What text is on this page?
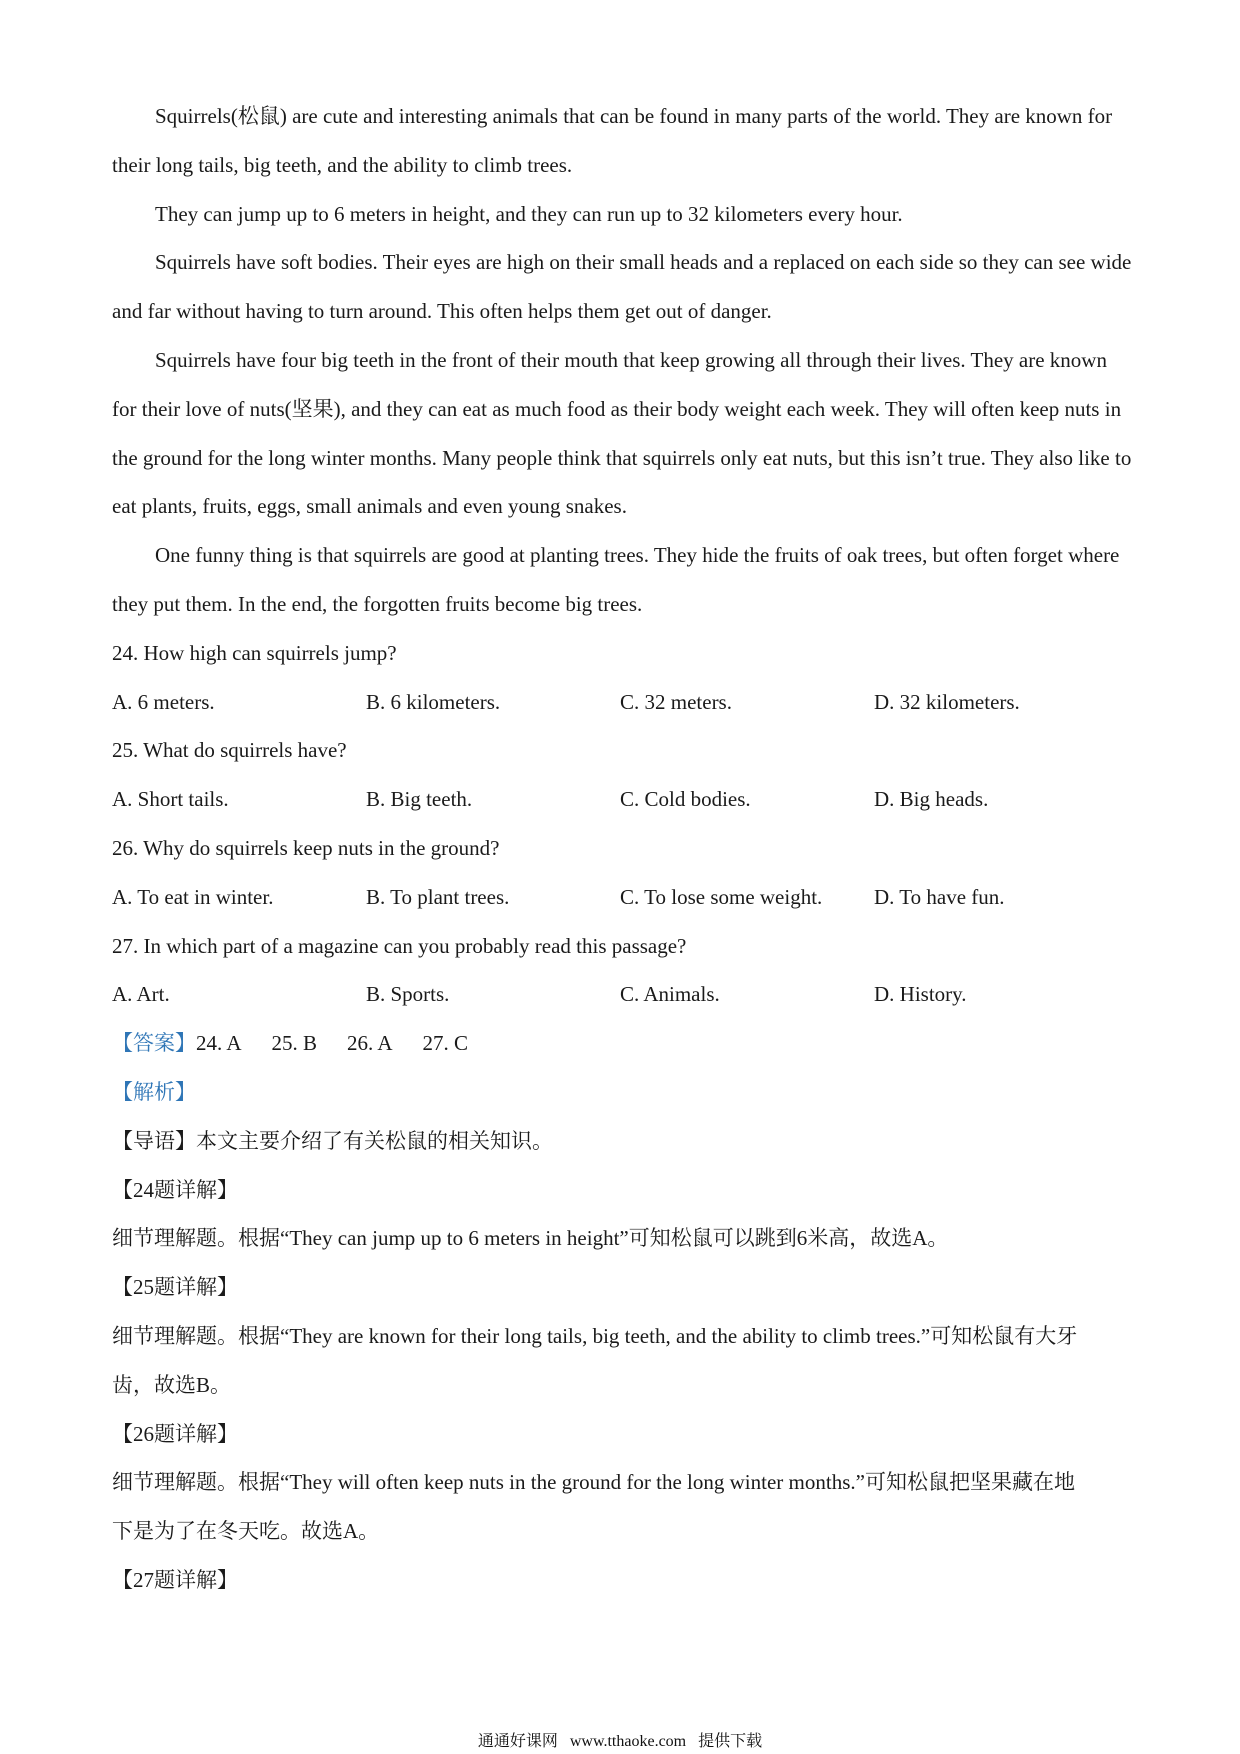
Squirrels(松鼠) are cute and interesting animals that can be found in many parts of the world. They are known for their long tails, big teeth, and the ability to climb trees.

They can jump up to 6 meters in height, and they can run up to 32 kilometers every hour.

Squirrels have soft bodies. Their eyes are high on their small heads and a replaced on each side so they can see wide and far without having to turn around. This often helps them get out of danger.

Squirrels have four big teeth in the front of their mouth that keep growing all through their lives. They are known for their love of nuts(坚果), and they can eat as much food as their body weight each week. They will often keep nuts in the ground for the long winter months. Many people think that squirrels only eat nuts, but this isn’t true. They also like to eat plants, fruits, eggs, small animals and even young snakes.

One funny thing is that squirrels are good at planting trees. They hide the fruits of oak trees, but often forget where they put them. In the end, the forgotten fruits become big trees.

24. How high can squirrels jump?

A. 6 meters.	B. 6 kilometers.	C. 32 meters.	D. 32 kilometers.

25. What do squirrels have?

A. Short tails.	B. Big teeth.	C. Cold bodies.	D. Big heads.

26. Why do squirrels keep nuts in the ground?

A. To eat in winter.	B. To plant trees.	C. To lose some weight.	D. To have fun.

27. In which part of a magazine can you probably read this passage?

A. Art.	B. Sports.	C. Animals.	D. History.

【答案】24. A 25. B 26. A 27. C

【解析】

【导语】本文主要介绍了有关松鼠的相关知识。

【24题详解】

细节理解题。根据“They can jump up to 6 meters in height”可知松鼠可以跳到6米高，故选A。

【25题详解】

细节理解题。根据“They are known for their long tails, big teeth, and the ability to climb trees.”可知松鼠有大牙

齿，故选B。

【26题详解】

细节理解题。根据“They will often keep nuts in the ground for the long winter months.”可知松鼠把坚果藏在地

下是为了在冬天吃。故选A。

【27题详解】

通通好课网 www.tthaoke.com 提供下载
